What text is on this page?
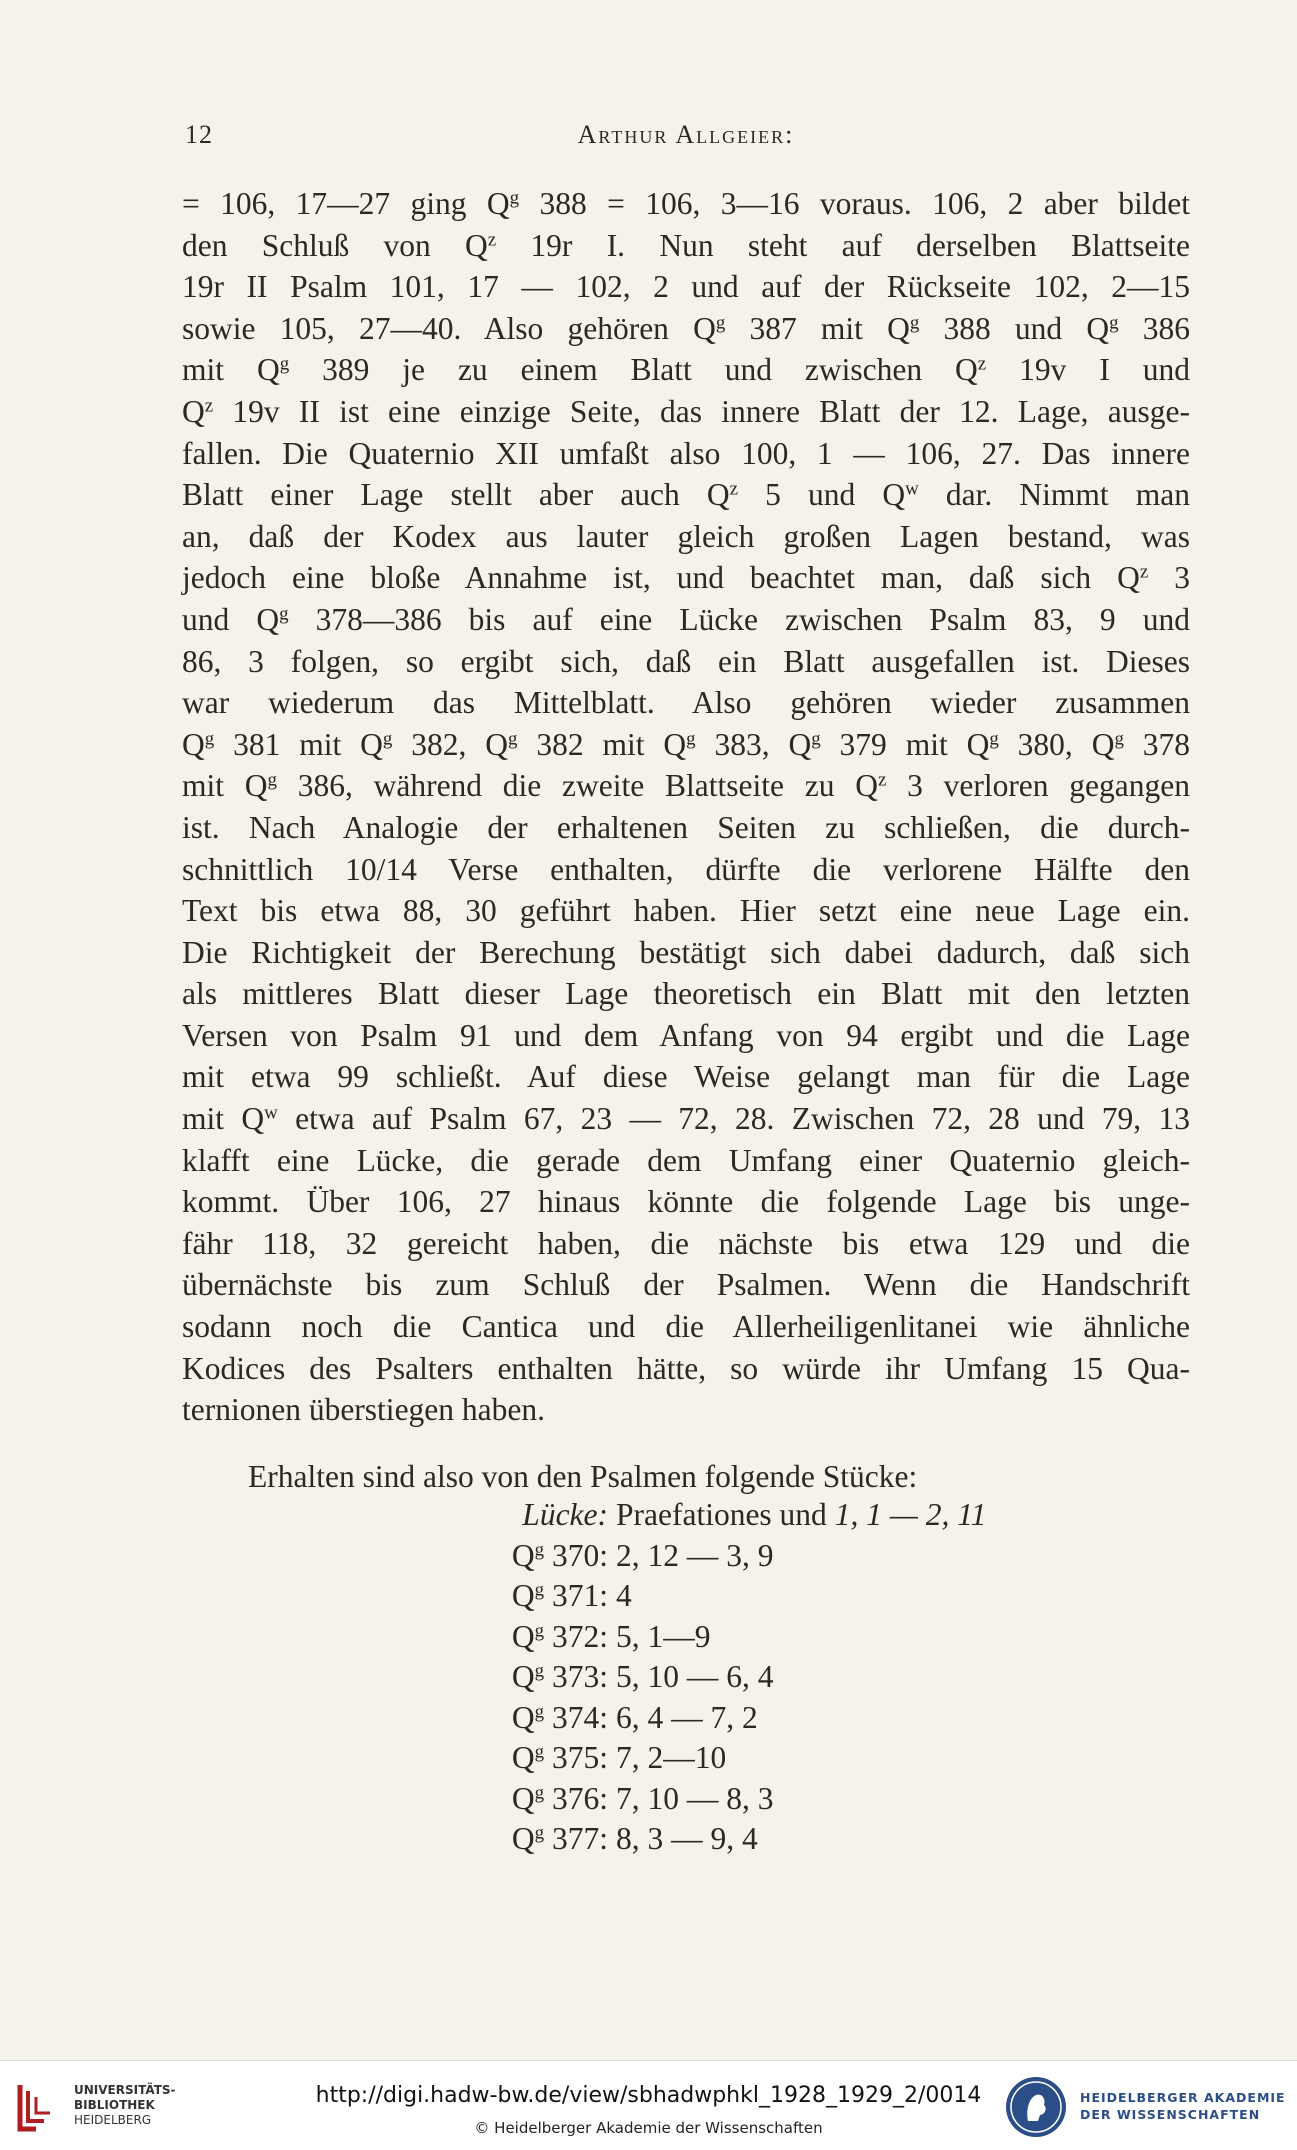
12	Arthur Allgeier:
= 106, 17—27 ging $Q^g$ 388 = 106, 3—16 voraus. 106, 2 aber bildet
den Schluß von $Q^z$ 19r I. Nun steht auf derselben Blattseite
19r II Psalm 101, 17 — 102, 2 und auf der Rückseite 102, 2—15
sowie 105, 27—40. Also gehören $Q^g$ 387 mit $Q^g$ 388 und $Q^g$ 386
mit $Q^g$ 389 je zu einem Blatt und zwischen $Q^z$ 19v I und
$Q^z$ 19v II ist eine einzige Seite, das innere Blatt der 12. Lage, ausge-
fallen. Die Quaternio XII umfaßt also 100, 1 — 106, 27. Das innere
Blatt einer Lage stellt aber auch $Q^z$ 5 und $Q^w$ dar. Nimmt man
an, daß der Kodex aus lauter gleich großen Lagen bestand, was
jedoch eine bloße Annahme ist, und beachtet man, daß sich $Q^z$ 3
und $Q^g$ 378—386 bis auf eine Lücke zwischen Psalm 83, 9 und
86, 3 folgen, so ergibt sich, daß ein Blatt ausgefallen ist. Dieses
war wiederum das Mittelblatt. Also gehören wieder zusammen
$Q^g$ 381 mit $Q^g$ 382, $Q^g$ 382 mit $Q^g$ 383, $Q^g$ 379 mit $Q^g$ 380, $Q^g$ 378
mit $Q^g$ 386, während die zweite Blattseite zu $Q^z$ 3 verloren gegangen
ist. Nach Analogie der erhaltenen Seiten zu schließen, die durch-
schnittlich 10/14 Verse enthalten, dürfte die verlorene Hälfte den
Text bis etwa 88, 30 geführt haben. Hier setzt eine neue Lage ein.
Die Richtigkeit der Berechung bestätigt sich dabei dadurch, daß sich
als mittleres Blatt dieser Lage theoretisch ein Blatt mit den letzten
Versen von Psalm 91 und dem Anfang von 94 ergibt und die Lage
mit etwa 99 schließt. Auf diese Weise gelangt man für die Lage
mit $Q^w$ etwa auf Psalm 67, 23 — 72, 28. Zwischen 72, 28 und 79, 13
klafft eine Lücke, die gerade dem Umfang einer Quaternio gleich-
kommt. Über 106, 27 hinaus könnte die folgende Lage bis unge-
fähr 118, 32 gereicht haben, die nächste bis etwa 129 und die
übernächste bis zum Schluß der Psalmen. Wenn die Handschrift
sodann noch die Cantica und die Allerheiligenlitanei wie ähnliche
Kodices des Psalters enthalten hätte, so würde ihr Umfang 15 Qua-
ternionen überstiegen haben.
Erhalten sind also von den Psalmen folgende Stücke:
Lücke: Praefationes und 1, 1 — 2, 11
$Q^g$ 370: 2, 12 — 3, 9
$Q^g$ 371: 4
$Q^g$ 372: 5, 1—9
$Q^g$ 373: 5, 10 — 6, 4
$Q^g$ 374: 6, 4 — 7, 2
$Q^g$ 375: 7, 2—10
$Q^g$ 376: 7, 10 — 8, 3
$Q^g$ 377: 8, 3 — 9, 4
UNIVERSITÄTS-
BIBLIOTHEK
HEIDELBERG
http://digi.hadw-bw.de/view/sbhadwphkl_1928_1929_2/0014
© Heidelberger Akademie der Wissenschaften
HEIDELBERGER AKADEMIE
DER WISSENSCHAFTEN
